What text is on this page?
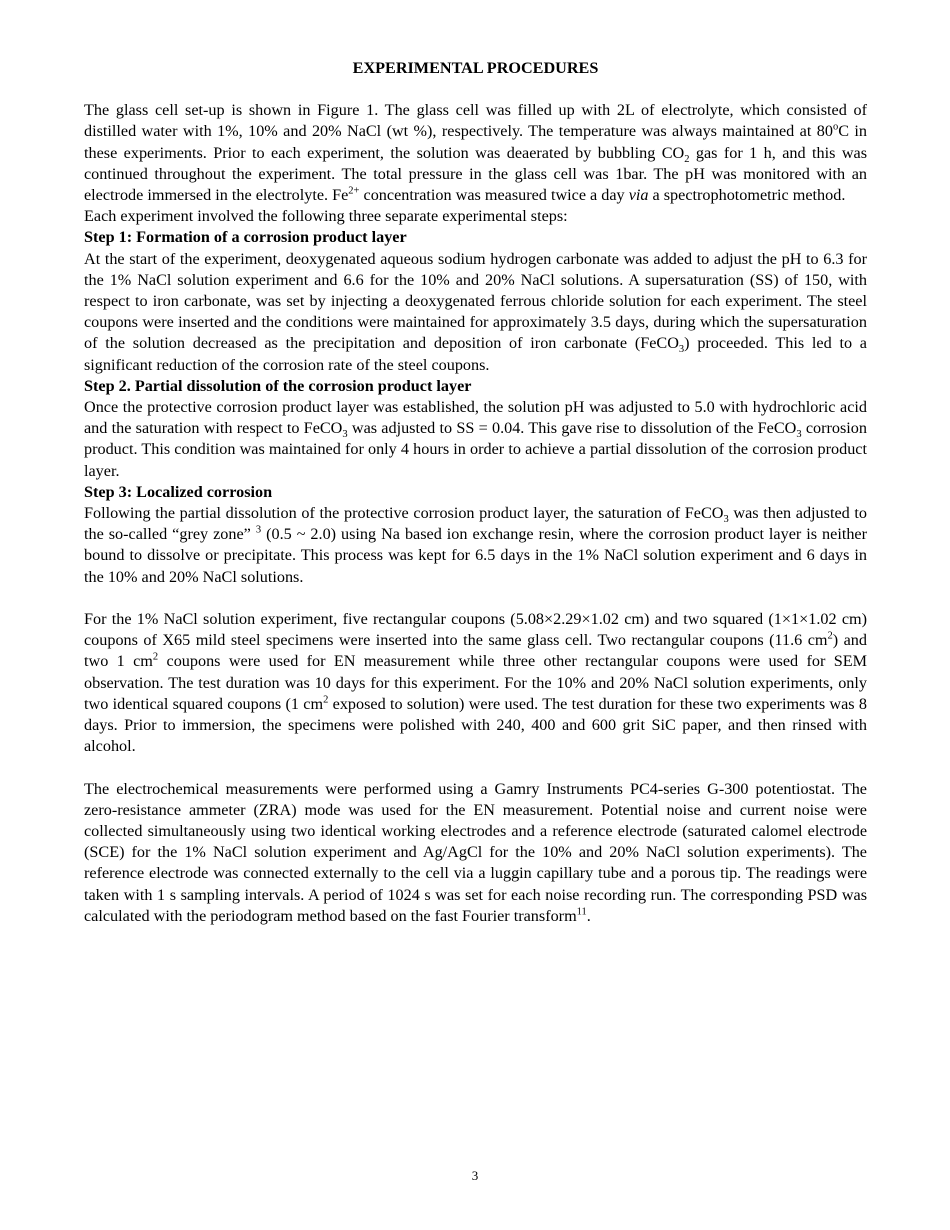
EXPERIMENTAL PROCEDURES

The glass cell set-up is shown in Figure 1. The glass cell was filled up with 2L of electrolyte, which consisted of distilled water with 1%, 10% and 20% NaCl (wt %), respectively. The temperature was always maintained at 80$^o$C in these experiments. Prior to each experiment, the solution was deaerated by bubbling $CO_2$ gas for 1 h, and this was continued throughout the experiment. The total pressure in the glass cell was 1bar. The pH was monitored with an electrode immersed in the electrolyte. $Fe^{2+}$ concentration was measured twice a day via a spectrophotometric method.

Each experiment involved the following three separate experimental steps:

Step 1: Formation of a corrosion product layer

At the start of the experiment, deoxygenated aqueous sodium hydrogen carbonate was added to adjust the pH to 6.3 for the 1% NaCl solution experiment and 6.6 for the 10% and 20% NaCl solutions. A supersaturation (SS) of 150, with respect to iron carbonate, was set by injecting a deoxygenated ferrous chloride solution for each experiment. The steel coupons were inserted and the conditions were maintained for approximately 3.5 days, during which the supersaturation of the solution decreased as the precipitation and deposition of iron carbonate (FeCO$_3$) proceeded. This led to a significant reduction of the corrosion rate of the steel coupons.

Step 2. Partial dissolution of the corrosion product layer

Once the protective corrosion product layer was established, the solution pH was adjusted to 5.0 with hydrochloric acid and the saturation with respect to FeCO$_3$ was adjusted to SS = 0.04. This gave rise to dissolution of the FeCO$_3$ corrosion product. This condition was maintained for only 4 hours in order to achieve a partial dissolution of the corrosion product layer.

Step 3: Localized corrosion

Following the partial dissolution of the protective corrosion product layer, the saturation of FeCO$_3$ was then adjusted to the so-called “grey zone” $^3$ (0.5 ~ 2.0) using Na based ion exchange resin, where the corrosion product layer is neither bound to dissolve or precipitate. This process was kept for 6.5 days in the 1% NaCl solution experiment and 6 days in the 10% and 20% NaCl solutions.

For the 1% NaCl solution experiment, five rectangular coupons (5.08×2.29×1.02 cm) and two squared (1×1×1.02 cm) coupons of X65 mild steel specimens were inserted into the same glass cell. Two rectangular coupons (11.6 $cm^2$) and two 1 $cm^2$ coupons were used for EN measurement while three other rectangular coupons were used for SEM observation. The test duration was 10 days for this experiment. For the 10% and 20% NaCl solution experiments, only two identical squared coupons (1 $cm^2$ exposed to solution) were used. The test duration for these two experiments was 8 days. Prior to immersion, the specimens were polished with 240, 400 and 600 grit SiC paper, and then rinsed with alcohol.

The electrochemical measurements were performed using a Gamry Instruments PC4-series G-300 potentiostat. The zero-resistance ammeter (ZRA) mode was used for the EN measurement. Potential noise and current noise were collected simultaneously using two identical working electrodes and a reference electrode (saturated calomel electrode (SCE) for the 1% NaCl solution experiment and Ag/AgCl for the 10% and 20% NaCl solution experiments). The reference electrode was connected externally to the cell via a luggin capillary tube and a porous tip. The readings were taken with 1 s sampling intervals. A period of 1024 s was set for each noise recording run. The corresponding PSD was calculated with the periodogram method based on the fast Fourier transform$^{11}$.

3
